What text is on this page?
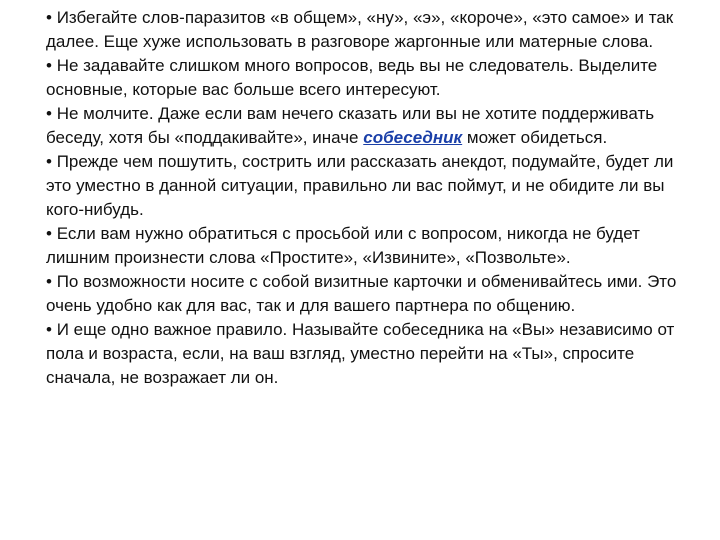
• Избегайте слов-паразитов «в общем», «ну», «э», «короче», «это самое» и так далее. Еще хуже использовать в разговоре жаргонные или матерные слова.

• Не задавайте слишком много вопросов, ведь вы не следователь. Выделите основные, которые вас больше всего интересуют.

• Не молчите. Даже если вам нечего сказать или вы не хотите поддерживать беседу, хотя бы «поддакивайте», иначе собеседник может обидеться.

• Прежде чем пошутить, сострить или рассказать анекдот, подумайте, будет ли это уместно в данной ситуации, правильно ли вас поймут, и не обидите ли вы кого-нибудь.

• Если вам нужно обратиться с просьбой или с вопросом, никогда не будет лишним произнести слова «Простите», «Извините», «Позвольте».

• По возможности носите с собой визитные карточки и обменивайтесь ими. Это очень удобно как для вас, так и для вашего партнера по общению.

• И еще одно важное правило. Называйте собеседника на «Вы» независимо от пола и возраста, если, на ваш взгляд, уместно перейти на «Ты», спросите сначала, не возражает ли он.
